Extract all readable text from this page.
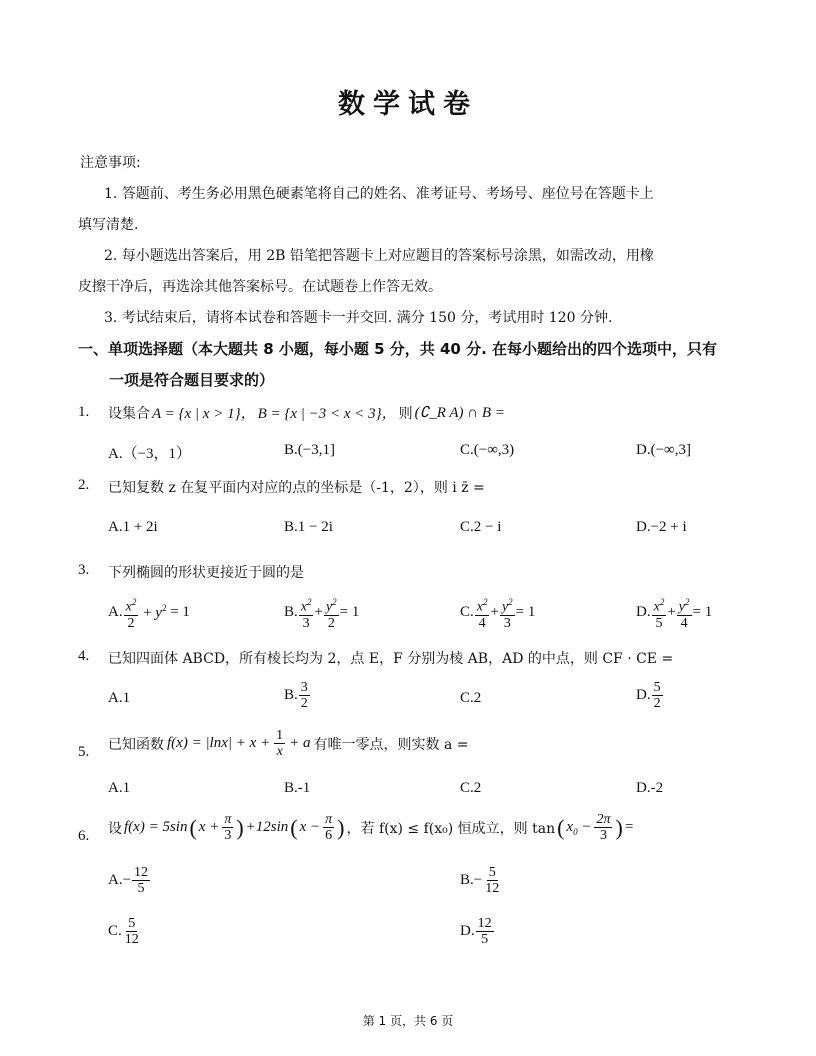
数学试卷
注意事项:
1. 答题前、考生务必用黑色硬素笔将自己的姓名、准考证号、考场号、座位号在答题卡上
填写清楚.
2. 每小题选出答案后，用 2B 铅笔把答题卡上对应题目的答案标号涂黑，如需改动，用橡
皮擦干净后，再选涂其他答案标号。在试题卷上作答无效。
3. 考试结束后，请将本试卷和答题卡一并交回. 满分 150 分，考试用时 120 分钟.
一、单项选择题（本大题共 8 小题，每小题 5 分，共 40 分. 在每小题给出的四个选项中，只有
一项是符合题目要求的）
1. 设集合 A = {x | x > 1}， B = {x | −3 < x < 3}， 则 (∁_R A) ∩ B =
A.（−3，1）	B.(−3,1]	C.(−∞,3)	D.(−∞,3]
2. 已知复数 z 在复平面内对应的点的坐标是（-1，2），则 i z̄ =
A.1 + 2i	B.1 − 2i	C.2 − i	D.−2 + i
3. 下列椭圆的形状更接近于圆的是
A. $\frac{x^2}{2} + y^2 = 1$	B. $\frac{x^2}{3} + \frac{y^2}{2} = 1$	C. $\frac{x^2}{4} + \frac{y^2}{3} = 1$	D. $\frac{x^2}{5} + \frac{y^2}{4} = 1$
4. 已知四面体 ABCD，所有棱长均为 2，点 E，F 分别为棱 AB，AD 的中点，则 CF · CE =
A.1	B. $\frac{3}{2}$	C.2	D. $\frac{5}{2}$
5. 已知函数 $f(x) = |\ln x| + x + \frac{1}{x} + a$ 有唯一零点，则实数 a =
A.1	B.-1	C.2	D.-2
6. 设 f(x) = 5sin ( $x + \frac{\pi}{3}$ ) +12sin ( $x - \frac{\pi}{6}$ ) ，若 f(x) ≤ f(x₀) 恒成立，则 tan ( $x_0 - \frac{2\pi}{3}$ ) =
$A.- \frac{12}{5}$	$B.- \frac{5}{12}$
C. $\frac{5}{12}$	D. $\frac{12}{5}$
第 1 页，共 6 页
